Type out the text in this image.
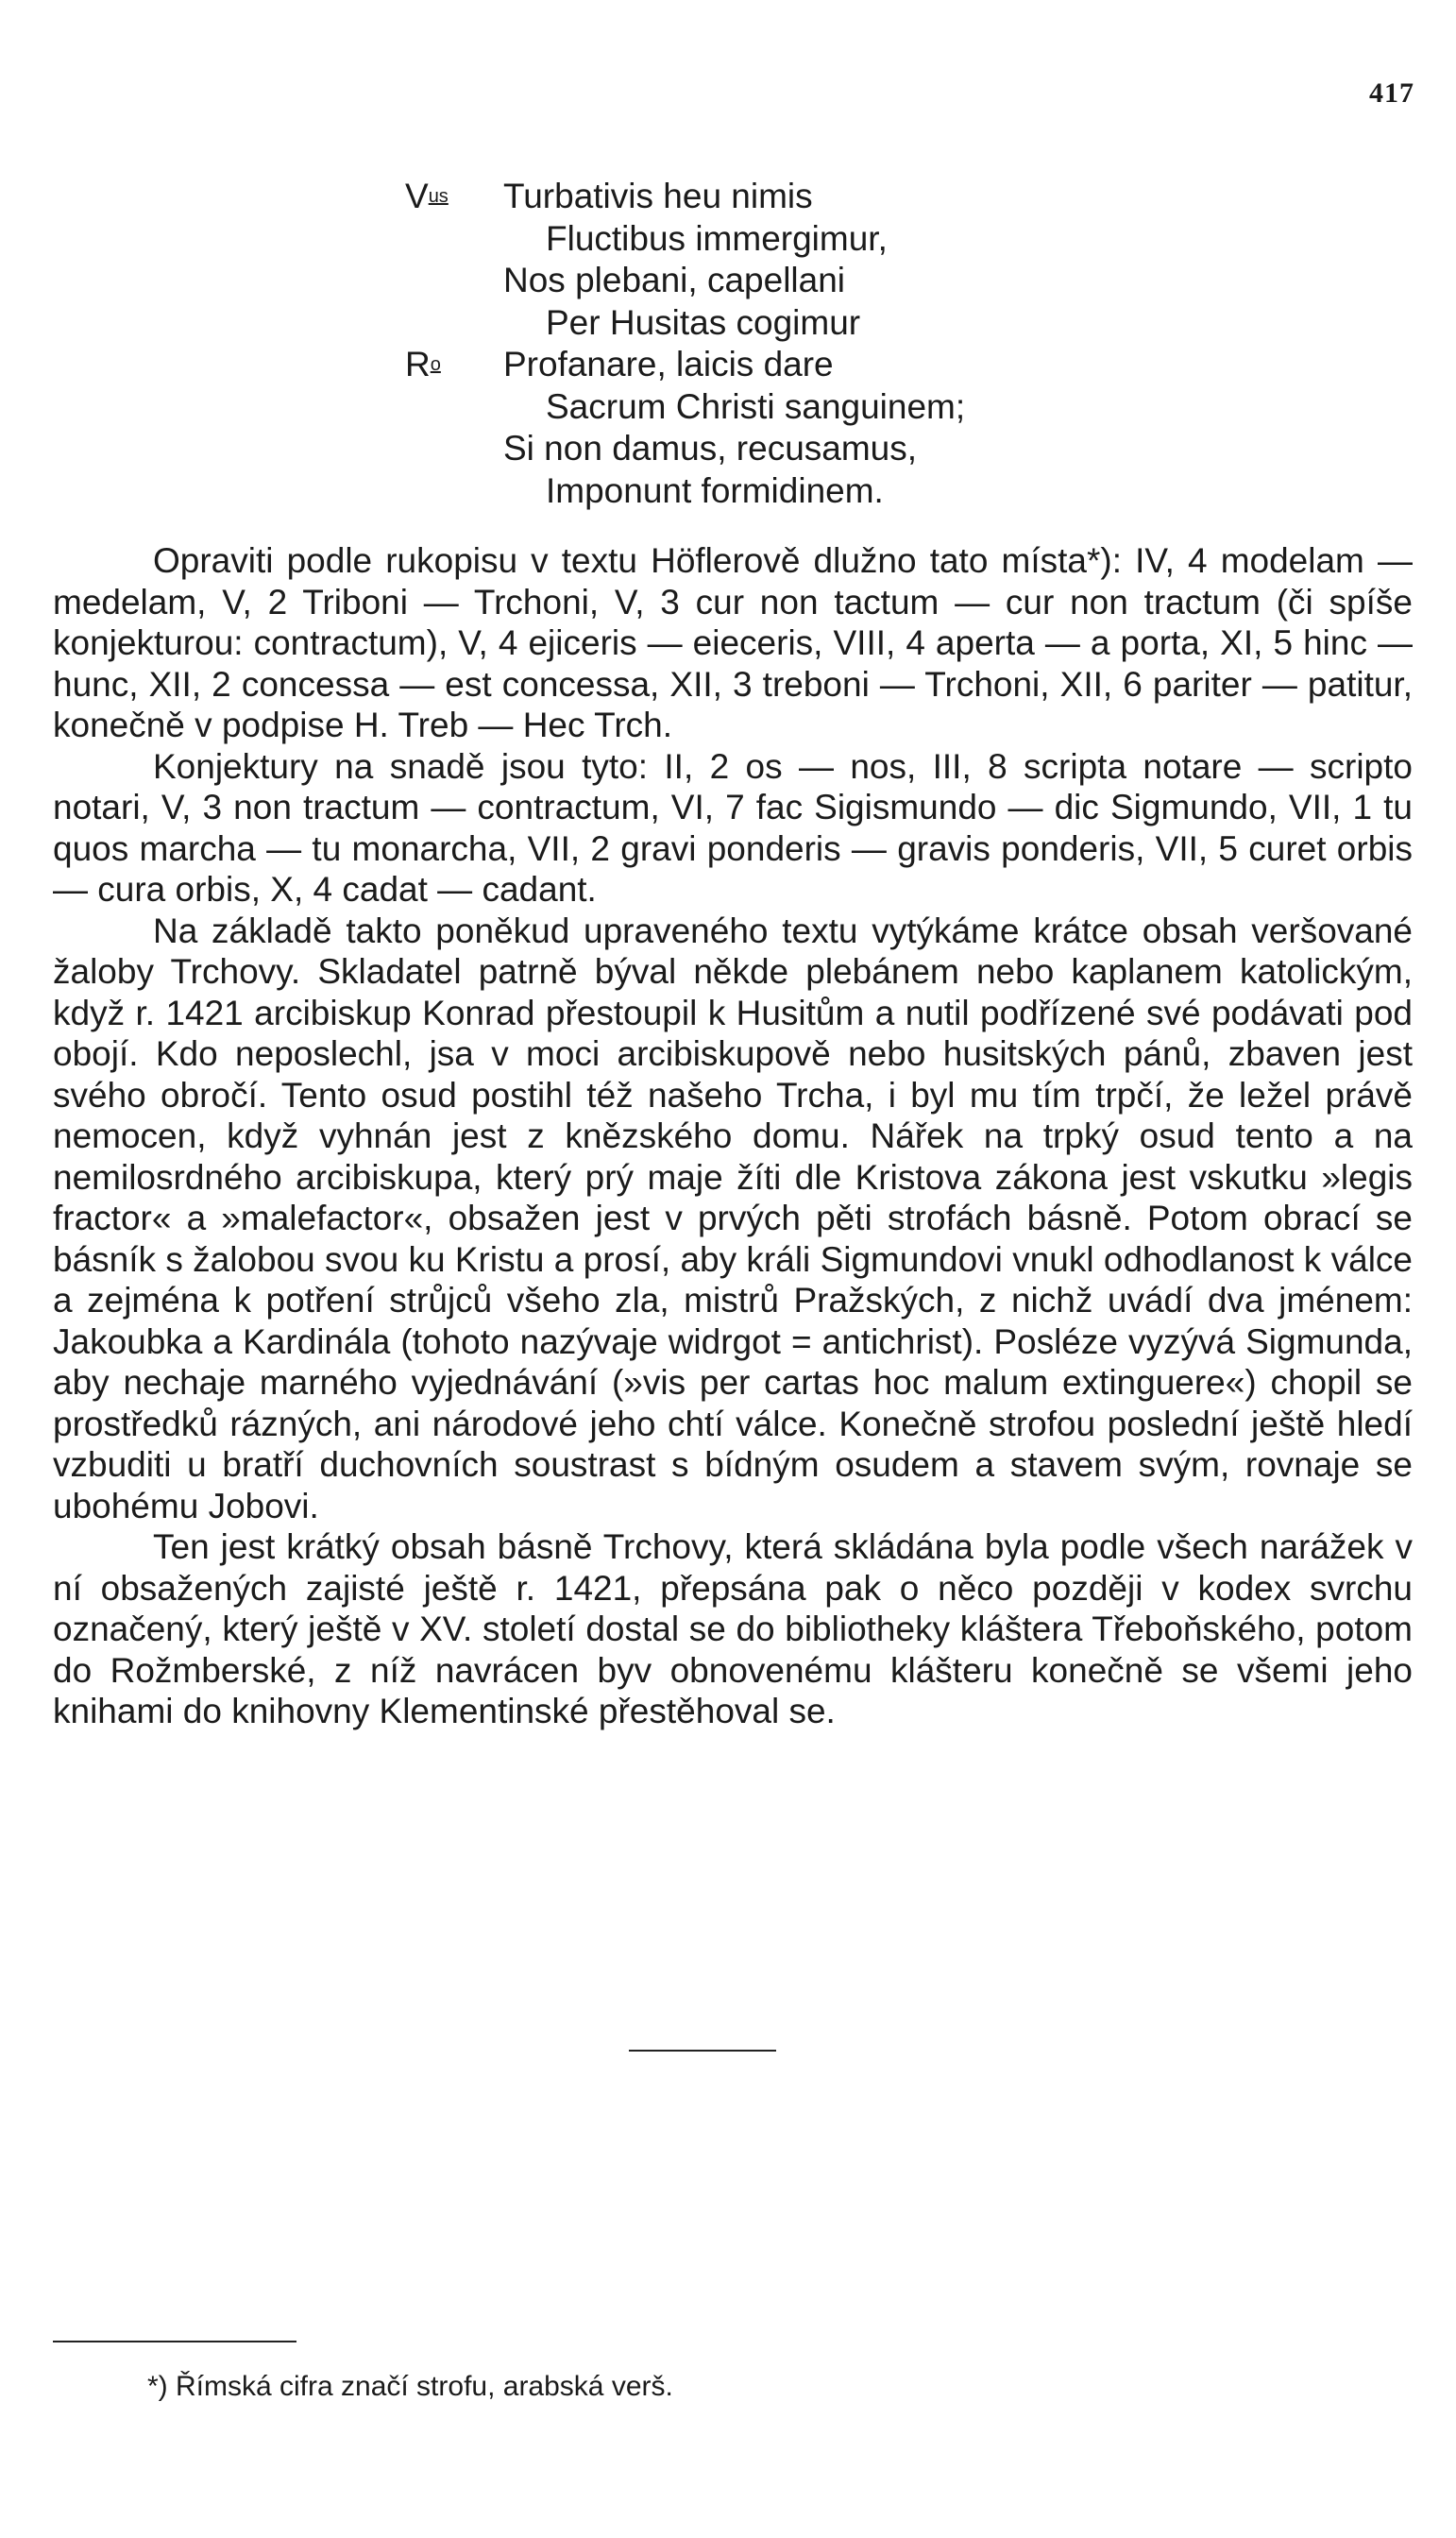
417
$V^{us}$ Turbativis heu nimis
Fluctibus immergimur,
Nos plebani, capellani
Per Husitas cogimur
$R^o$ Profanare, laicis dare
Sacrum Christi sanguinem;
Si non damus, recusamus,
Imponunt formidinem.

Opraviti podle rukopisu v textu Höflerově dlužno tato místa*): IV, 4 modelam — medelam, V, 2 Triboni — Trchoni, V, 3 cur non tactum — cur non tractum (či spíše konjekturou: contractum), V, 4 ejiceris — eieceris, VIII, 4 aperta — a porta, XI, 5 hinc — hunc, XII, 2 concessa — est concessa, XII, 3 treboni — Trchoni, XII, 6 pariter — patitur, konečně v podpise H. Treb — Hec Trch.

Konjektury na snadě jsou tyto: II, 2 os — nos, III, 8 scripta notare — scripto notari, V, 3 non tractum — contractum, VI, 7 fac Sigismundo — dic Sigmundo, VII, 1 tu quos marcha — tu monarcha, VII, 2 gravi ponderis — gravis ponderis, VII, 5 curet orbis — cura orbis, X, 4 cadat — cadant.

Na základě takto poněkud upraveného textu vytýkáme krátce obsah veršované žaloby Trchovy. Skladatel patrně býval někde plebánem nebo kaplanem katolickým, když r. 1421 arcibiskup Konrad přestoupil k Husitům a nutil podřízené své podávati pod obojí. Kdo neposlechl, jsa v moci arcibiskupově nebo husitských pánů, zbaven jest svého obročí. Tento osud postihl též našeho Trcha, i byl mu tím trpčí, že ležel právě nemocen, když vyhnán jest z knězského domu. Nářek na trpký osud tento a na nemilosrdného arcibiskupa, který prý maje žíti dle Kristova zákona jest vskutku »legis fractor« a »malefactor«, obsažen jest v prvých pěti strofách básně. Potom obrací se básník s žalobou svou ku Kristu a prosí, aby králi Sigmundovi vnukl odhodlanost k válce a zejména k potření strůjců všeho zla, mistrů Pražských, z nichž uvádí dva jménem: Jakoubka a Kardinála (tohoto nazývaje widrgot = antichrist). Posléze vyzývá Sigmunda, aby nechaje marného vyjednávání (»vis per cartas hoc malum extinguere«) chopil se prostředků rázných, ani národové jeho chtí válce. Konečně strofou poslední ještě hledí vzbuditi u bratří duchovních soustrast s bídným osudem a stavem svým, rovnaje se ubohému Jobovi.

Ten jest krátký obsah básně Trchovy, která skládána byla podle všech narážek v ní obsažených zajisté ještě r. 1421, přepsána pak o něco později v kodex svrchu označený, který ještě v XV. století dostal se do bibliotheky kláštera Třeboňského, potom do Rožmberské, z níž navrácen byv obnovenému klášteru konečně se všemi jeho knihami do knihovny Klementinské přestěhoval se.

*) Římská cifra značí strofu, arabská verš.
